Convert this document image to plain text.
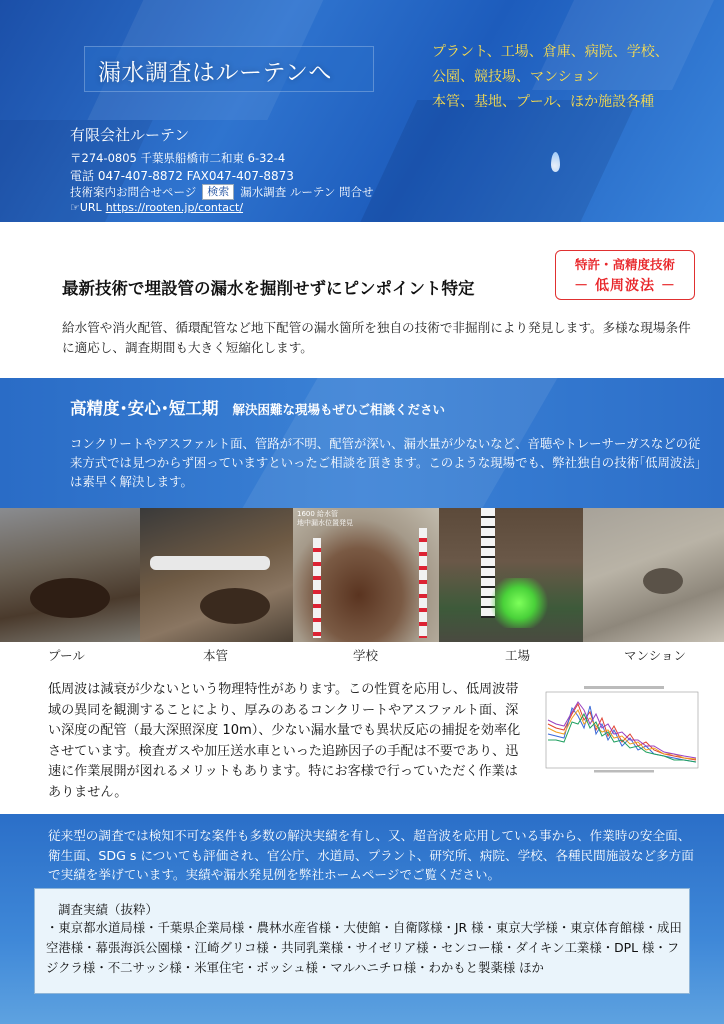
漏水調査はルーテンへ
プラント、工場、倉庫、病院、学校、
公園、競技場、マンション
本管、基地、プール、ほか施設各種
有限会社ルーテン
〒274-0805 千葉県船橋市二和東 6-32-4
電話 047-407-8872 FAX047-407-8873
技術案内お問合せページ	検索 漏水調査 ルーテン 問合せ
☞URL https://rooten.jp/contact/
特許・高精度技術
－ 低周波法 －
最新技術で埋設管の漏水を掘削せずにピンポイント特定
給水管や消火配管、循環配管など地下配管の漏水箇所を独自の技術で非掘削により発見します。多様な現場条件に適応し、調査期間も大きく短縮化します。
高精度･安心･短工期 解決困難な現場もぜひご相談ください
コンクリートやアスファルト面、管路が不明、配管が深い、漏水量が少ないなど、音聴やトレーサーガスなどの従来方式では見つからず困っていますといったご相談を頂きます。このような現場でも、弊社独自の技術｢低周波法｣は素早く解決します。
1600 給水管
地中漏水位置発見
プール	本管	学校	工場	マンション
低周波は減衰が少ないという物理特性があります。この性質を応用し、低周波帯域の異同を観測することにより、厚みのあるコンクリートやアスファルト面、深い深度の配管（最大深照深度 10m）、少ない漏水量でも異状反応の捕捉を効率化させています。検査ガスや加圧送水車といった追跡因子の手配は不要であり、迅速に作業展開が図れるメリットもあります。特にお客様で行っていただく作業はありません。
従来型の調査では検知不可な案件も多数の解決実績を有し、又、超音波を応用している事から、作業時の安全面、衛生面、SDG s についても評価され、官公庁、水道局、プラント、研究所、病院、学校、各種民間施設など多方面で実績を挙げています。実績や漏水発見例を弊社ホームページでご覧ください。
調査実績（抜粋）
・東京都水道局様・千葉県企業局様・農林水産省様・大使館・自衛隊様・JR 様・東京大学様・東京体育館様・成田空港様・幕張海浜公園様・江崎グリコ様・共同乳業様・サイゼリア様・センコー様・ダイキン工業様・DPL 様・フジクラ様・不二サッシ様・米軍住宅・ボッシュ様・マルハニチロ様・わかもと製薬様 ほか
